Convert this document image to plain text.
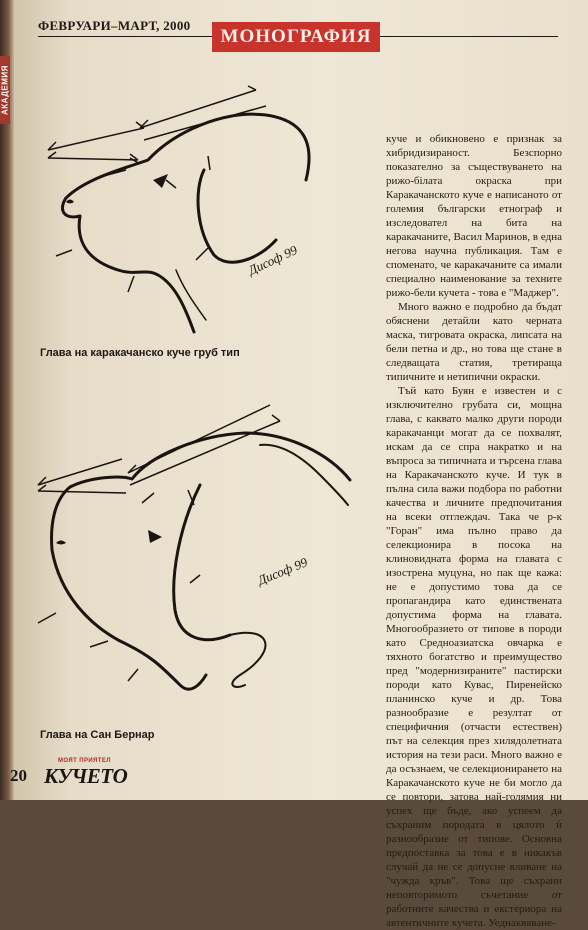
АКАДЕМИЯ
ФЕВРУАРИ–МАРТ, 2000
МОНОГРАФИЯ
Дисоф 99
Глава на каракачанско куче груб тип
Дисоф 99
Глава на Сан Бернар

куче и обикновено е признак за хибридизираност. Безспорно показателно за съществуването на рижо-білата окраска при Каракачанското куче е написаното от големия български етнограф и изследовател на бита на каракачаните, Васил Маринов, в една негова научна публикация. Там е споменато, че каракачаните са имали специално наименование за техните рижо-бели кучета - това е "Маджер".

Много важно е подробно да бъдат обяснени детайли като черната маска, тигровата окраска, липсата на бели петна и др., но това ще стане в следващата статия, третираща типичните и нетипични окраски.

Тъй като Буян е известен и с изключително грубата си, мощна глава, с каквато малко други породи каракачанци могат да се похвалят, искам да се спра накратко и на въпроса за типичната и търсена глава на Каракачанското куче. И тук в пълна сила важи подбора по работни качества и личните предпочитания на всеки отглеждач. Така че р-к "Горан" има пълно право да селекционира в посока на клиновидната форма на главата с изострена муцуна, но пак ще кажа: не е допустимо това да се пропагандира като единствената допустима форма на главата. Многообразието от типове в породи като Средноазиатска овчарка е тяхното богатство и преимущество пред "модернизираните" пастирски породи като Кувас, Пиренейско планинско куче и др. Това разнообразие е резултат от специфичния (отчасти естествен) път на селекция през хилядолетната история на тези раси. Много важно е да осъзнаем, че селекционирането на Каракачанското куче не би могло да се повтори, затова най-голямия ни успех ще бъде, ако успеем да съхраним породата в цялото ѝ разнообразие от типове. Основна предпоставка за това е в никакъв случай да не се допусне вливане на "чужда кръв". Това ще съхрани неповторимото съчетание от работните качества и екстериора на автентичните кучета. Уеднаквяване-

20
МОЯТ ПРИЯТЕЛ
КУЧЕТО
